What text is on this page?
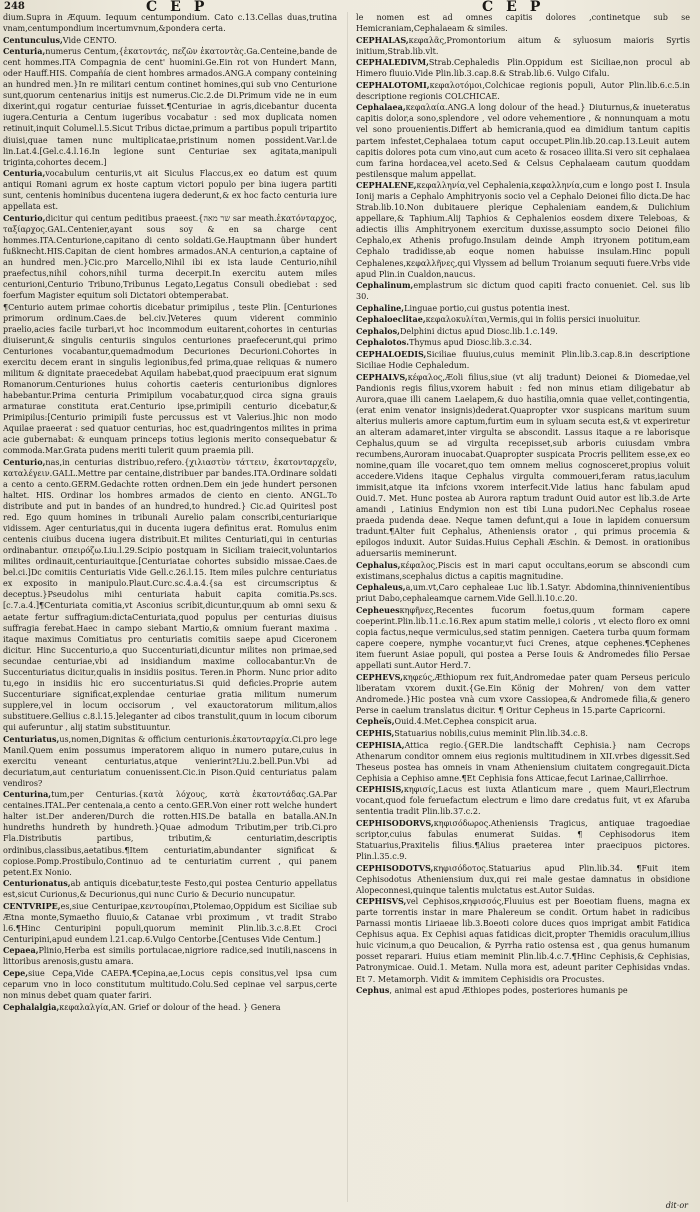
248	CEP	CEP

dium.Supra in Æquum. Iequum centumpondium. Cato c.13.Cellas duas,trutina vnam,centumpondium incertumvnum,&pondera certa.

Centunculus,Vide CENTO.

Centuria,numerus Centum,{ἑκατοντάς, πεζῶν ἑκατοντὰς.Ga.Centeine,bande de cent hommes.ITA Compagnia de cent' huomini.Ge.Ein rot von Hundert Mann, oder Hauff.HIS. Compañía de cient hombres armados.ANG.A company conteining an hundred men.}In re militari centum continet homines,qui sub vno Centurione sunt,quorum centenarius initijs est numerus.Cic.2.de Di.Primum vide ne in eum dixerint,qui rogatur centuriae fuisset.¶Centuriae in agris,dicebantur ducenta iugera.Centuria a Centum iugeribus vocabatur : sed mox duplicata nomen retinuit,inquit Columel.l.5.Sicut Tribus dictae,primum a partibus populi tripartito diuisi,quae tamen nunc multiplicatae,pristinum nomen possident.Var.l.de lin.Lat.4.[Gel.c.4.l.16.In legione sunt Centuriae sex agitata,manipuli triginta,cohortes decem.]

Centuria,vocabulum centuriis,vt ait Siculus Flaccus,ex eo datum est quum antiqui Romani agrum ex hoste captum victori populo per bina iugera partiti sunt, centenis hominibus ducentena iugera dederunt,& ex hoc facto centuria iure appellata est.

Centurio,dicitur qui centum peditibus praeest.{שר מאה sar meath.ἑκατόνταρχος, ταξίαρχος.GAL.Centenier,ayant sous soy & en sa charge cent hommes.ITA.Centurione,capitano di cento soldati.Ge.Hauptmann über hundert fußknecht.HIS.Capitan de cient hombres armados.AN.A centurion,a captaine of an hundred men.}Cic.pro Marcello,Nihil ibi ex ista laude Centurio,nihil praefectus,nihil cohors,nihil turma decerpit.In exercitu autem miles centurioni,Centurio Tribuno,Tribunus Legato,Legatus Consuli obediebat : sed foerfum Magister equitum soli Dictatori obtemperabat.

¶Centurio autem primae cohortis dicebatur primipilus , teste Plin. [Centuriones primorum ordinum.Caes.de bel.civ.]Veteres quum viderent comminio praelio,acies facile turbari,vt hoc incommodum euitarent,cohortes in centurias diuiserunt,& singulis centuriis singulos centuriones praefecerunt,qui primo Centuriones vocabantur,quemadmodum Decuriones Decurioni.Cohortes in exercitu decem erant in singulis legionibus,fed prima,quae reliquas & numero militum & dignitate praecedebat Aquilam habebat,quod praecipuum erat signum Romanorum.Centuriones huius cohortis caeteris centurionibus dignlores habebantur.Prima centuria Primipilum vocabatur,quod circa signa grauis armaturae constituta erat.Centurio ipse,primipili centurio dicebatur,& Primipilus:[Centurio primipili fuste percussus est vt Valerius.]hic non modo Aquilae praeerat : sed quatuor centurias, hoc est,quadringentos milites in prima acie gubernabat: & eunquam princeps totius legionis merito consequebatur & commoda.Mar.Grata pudens meriti tulerit quum praemia pili.

Centurio,nas,in centurias distribuo,refero.{χιλιαστὺν τάττειν, ἑκατονταρχεῖν, καταλέγειν.GALL.Mettre par centaine,distribuer par bandes.ITA.Ordinare soldati a cento a cento.GERM.Gedachte rotten ordnen.Dem ein jede hundert personen haltet. HIS. Ordinar los hombres armados de ciento en ciento. ANGL.To distribute and put in bandes of an hundred,to hundred.} Cic.ad Quiritesl post red. Ego quum homines in tribunali Aurelio palam conscribi,centuriarique vidissem. Ager centuriatus,qui in ducenta iugera definitus erat. Romulus enim centenis ciuibus ducena iugera distribuit.Et milites Centuriati,qui in centurias ordinabantur. σπειρόζω.Liu.l.29.Scipio postquam in Siciliam traiecit,voluntarios milites ordinauit,centuriauitque.[Centuriatae cohortes subsidio missae.Caes.de bel.ci.]Dc comitiis Centuriatis Vide Gell.c.26.l.15. Item miles pulchre centuriatus ex exposito in manipulo.Plaut.Curc.sc.4.a.4.{sa est circumscriptus & deceptus.}Pseudolus mihi centuriata habuit capita comitia.Ps.scs.[c.7.a.4.]¶Centuriata comitia,vt Asconius scribit,dicuntur,quum ab omni sexu & aetate fertur suffragium:dictaCenturiata,quod populus per centurias diuisus suffragia ferebat.Haec in campo siebant Martio,& omnium fuerant maxima . itaque maximus Comitiatus pro centuriatis comitiis saepe apud Ciceronem dicitur. Hinc Succenturio,a quo Succenturiati,dicuntur milites non primae,sed secundae centuriae,vbi ad insidiandum maxime collocabantur.Vn de Succenturiatus dicitur,qualis in insidiis positus. Teren.in Phorm. Nunc prior adito tu,ego in insidiis hic ero succenturiatus.Si quid deficies.Proprie autem Succenturiare significat,explendae centuriae gratia militum numerum supplere,vel in locum occisorum , vel exauctoratorum militum,alios substituere.Gellius c.8.l.15.]eleganter ad cibos transtulit,quum in locum ciborum qui auferuntur , alij statim substituuntur.

Centuriatus,us,nomen,Dignitas & officium centurionis.ἑκατονταρχία.Ci.pro lege Manil.Quem enim possumus imperatorem aliquo in numero putare,cuius in exercitu veneant centuriatus,atque venierint?Liu.2.bell.Pun.Vbi ad decuriatum,aut centuriatum conuenissent.Cic.in Pison.Quid centuriatus palam vendiros?

Centurina,tum,per Centurias.{κατὰ λόχους, κατὰ ἑκατοντάδας.GA.Par centaines.ITAL.Per centenaia,a cento a cento.GER.Von einer rott welche hundert halter ist.Der anderen/Durch die rotten.HIS.De batalla en batalla.AN.In hundreths hundreth by hundreth.}Quae admodum Tributim,per trib.Ci.pro Fla.Distributis partibus, tributim,& centuriatim,descriptis ordinibus,classibus,aetatibus.¶Item centuriatim,abundanter significat & copiose.Pomp.Prostibulo,Continuo ad te centuriatim current , qui panem petent.Ex Nonio.

Centurionatus,ab antiquis dicebatur,teste Festo,qui postea Centurio appellatus est,sicut Curionus,& Decurionus,qui nunc Curio & Decurio nuncupatur.

CENTVRIPE,es,siue Centuripae,κεντουρίπαι,Ptolemao,Oppidum est Siciliae sub Ætna monte,Symaetho fluuio,& Catanae vrbi proximum , vt tradit Strabo l.6.¶Hinc Centuripini populi,quorum meminit Plin.lib.3.c.8.Et Croci Centuripini,apud eundem l.21.cap.6.Vulgo Centorbe.[Centuses Vide Centum.]

Cepaea,Plinio,Herba est similis portulacae,nigriore radice,sed inutili,nascens in littoribus arenosis,gustu amara.

Cepe,siue Cepa,Vide CAEPA.¶Cepina,ae,Locus cepis consitus,vel ipsa cum ceparum vno in loco constitutum multitudo.Colu.Sed cepinae vel sarpus,certe non minus debet quam quater fariri.

Cephalalgia,κεφαλαλγία,AN. Grief or dolour of the head. } Genera

le nomen est ad omnes capitis dolores ,continetque sub se Hemicraniam,Cephalaeam & similes.

CEPHALAS,κεφαλᾶς,Promontorium aitum & syluosum maioris Syrtis initium,Strab.lib.vlt.

CEPHALEDIVM,Strab.Cephaledis Plin.Oppidum est Siciliae,non procul ab Himero fluuio.Vide Plin.lib.3.cap.8.& Strab.lib.6. Vulgo Cifalu.

CEPHALOTOMI,κεφαλοτόμοι,Colchicae regionis populi, Autor Plin.lib.6.c.5.in descriptione regionis COLCHICAE.

Cephalaea,κεφαλαία.ANG.A long dolour of the head.} Diuturnus,& inueteratus capitis dolor,a sono,splendore , vel odore vehementiore , & nonnunquam a motu vel sono prouenientis.Differt ab hemicrania,quod ea dimidium tantum capitis partem infestet,Cephalaea totum caput occupet.Plin.lib.20.cap.13.Leuit autem capitis dolores pota cum vino,aut cum aceto & rosaceo illita.Si vero sit cephalaea cum farina hordacea,vel aceto.Sed & Celsus Cephalaeam cautum quoddam pestilensque malum appellat.

CEPHALENE,κεφαλληνία,vel Cephalenia,κεφαλληνία,cum e longo post I. Insula Ionij maris a Cephalo Amphitryonis socio vel a Cephalo Deionei filio dicta.De hac Strab.lib.10.Non dubitauere plerique Cephaleniam eandem,& Dulichium appellare,& Taphium.Alij Taphios & Cephalenios eosdem dixere Teleboas, & adiectis illis Amphitryonem exercitum duxisse,assumpto socio Deionei filio Cephalo,ex Athenis profugo.Insulam deinde Amph itryonem potitum,eam Cephalo tradidisse,ab eoque nomen habuisse insulam.Hinc populi Cephalenes,κεφαλλῆνες,qui Vlyssem ad bellum Troianum sequuti fuere.Vrbs vide apud Plin.in Cualdon,naucus.

Cephalinum,emplastrum sic dictum quod capiti fracto conueniet. Cel. sus lib 30.

Cephaline,Linguae portio,cui gustus potentia inest.

Cephaloeclitae,κεφαλοκυλίται,Vermis,qui in foliis persici inuoluitur.

Cephalos,Delphini dictus apud Diosc.lib.1.c.149.

Cephalotos.Thymus apud Diosc.lib.3.c.34.

CEPHALOEDIS,Siciliae fluuius,cuius meminit Plin.lib.3.cap.8.in descriptione Siciliae Hodie Cephaledum.

CEPHALVS,κέφαλος,Æoli filius,siue (vt alij tradunt) Deionei & Diomedae,vel Pandionis regis filius,vxorem habuit : fed non minus etiam diligebatur ab Aurora,quae illi canem Laelapem,& duo hastilia,omnia quae vellet,contingentia,(erat enim venator insignis)dederat.Quapropter vxor suspicans maritum suum alterius mulieris amore captum,furtim eum in syluam secuta est,& vt experiretur an alteram adamaret,inter virgulta se abscondit. Lassus itaque a re laborisque Cephalus,quum se ad virgulta recepisset,sub arboris cuiusdam vmbra recumbens,Auroram inuocabat.Quapropter suspicata Procris pellitem esse,ex eo nomine,quam ille vocaret,quo tem omnem melius cognosceret,propius voluit accedere.Videns itaque Cephalus virgulta commoueri,feram ratus,iaculum immisit,atque ita infcions vxorem interfecit.Vide latius hanc fabulam apud Ouid.7. Met. Hunc postea ab Aurora raptum tradunt Ouid autor est lib.3.de Arte amandi , Latinius Endymion non est tibi Luna pudori.Nec Cephalus roseae praeda pudenda deae. Neque tamen defunt,qui a Ioue in lapidem conuersum tradunt.¶Alter fuit Cephalus, Atheniensis orator , qui primus procemia & epilogos induxit. Autor Suidas.Huius Cephali Æschin. & Demost. in orationibus aduersariis meminerunt.

Cephalus,κέφαλος,Piscis est in mari caput occultans,eorum se abscondi cum existimans,scephalus dictus a capitis magnitudine.

Cephaleus,a,um.vt,Caro cephaleae Luc lib.1.Satyr. Abdomina,thinnivenientibus priut Dabo,cephaleamque carnem.Vide Gell.li.10.c.20.

Cepheuesκηφῆνες,Recentes fucorum foetus,quum formam capere coeperint.Plin.lib.11.c.16.Rex apum statim melle,i coloris , vt electo floro ex omni copia factus,neque vermiculus,sed statim pennigen. Caetera turba quum formam capere coepere, nymphe vocantur,vt fuci Crenes, atque cephenes.¶Cephenes item fuerunt Asiae populi, qui postea a Perse Iouis & Andromedes filio Persae appellati sunt.Autor Herd.7.

CEPHEVS,κηφεύς,Æthiopum rex fuit,Andromedae pater quam Perseus periculo liberatam vxorem duxit.{Ge.Ein König der Mohren/ von dem vatter Andromede.}Hic postea vnà cum vxore Cassiopea,& Andromede filia,& genero Perse in caelum translatus dicitur. ¶ Oritur Cepheus in 15.parte Capricorni.

Cepheïs,Ouid.4.Met.Cephea conspicit arua.

CEPHIS,Statuarius nobilis,cuius meminit Plin.lib.34.c.8.

CEPHISIA,Attica regio.{GER.Die landtschafft Cephisia.} nam Cecrops Athenarum conditor omnem eius regionis multitudinem in XII.vrbes digessit.Sed Theseus postea has omneis in vnam Atheniensium ciuitatem congregauit.Dicta Cephisia a Cephiso amne.¶Et Cephisia fons Atticae,fecut Larinae,Callirrhoe.

CEPHISIS,κηφισίς,Lacus est iuxta Atlanticum mare , quem Mauri,Electrum vocant,quod fole feruefactum electrum e limo dare credatus fuit, vt ex Afaruba sententia tradit Plin.lib.37.c.2.

CEPHISODORVS,κηφισόδωρος.Atheniensis Tragicus, antiquae tragoediae scriptor,cuius fabulas enumerat Suidas. ¶ Cephisodorus item Statuarius,Praxitelis filius.¶Alius praeterea inter praecipuos pictores. Plin.l.35.c.9.

CEPHISODOTVS,κηφισόδοτος.Statuarius apud Plin.lib.34. ¶Fuit item Cephisodotus Atheniensium dux,qui rei male gestae damnatus in obsidione Alopeconnesi,quinque talentis mulctatus est.Autor Suidas.

CEPHISVS,vel Cephisos,κηφισσός,Fluuius est per Boeotiam fluens, magna ex parte torrentis instar in mare Phalereum se condit. Ortum habet in radicibus Parnassi montis Liriaeae lib.3.Boeoti colore duces quos imprigat ambit Fatidica Cephisus aqua. Ex Cephisi aquas fatidicas dicit,propter Themidis oraculum,illius huic vicinum,a quo Deucalion, & Pyrrha ratio ostensa est , qua genus humanum posset reparari. Huius etiam meminit Plin.lib.4.c.7.¶Hinc Cephisis,& Cephisias, Patronymicae. Ouid.1. Metam. Nulla mora est, adeunt pariter Cephisidas vndas. Et 7. Metamorph. Vidit & immitem Cephisidis ora Procustes.

Cephus, animal est apud Æthiopes podes, posteriores humanis pe

dit⋅or
